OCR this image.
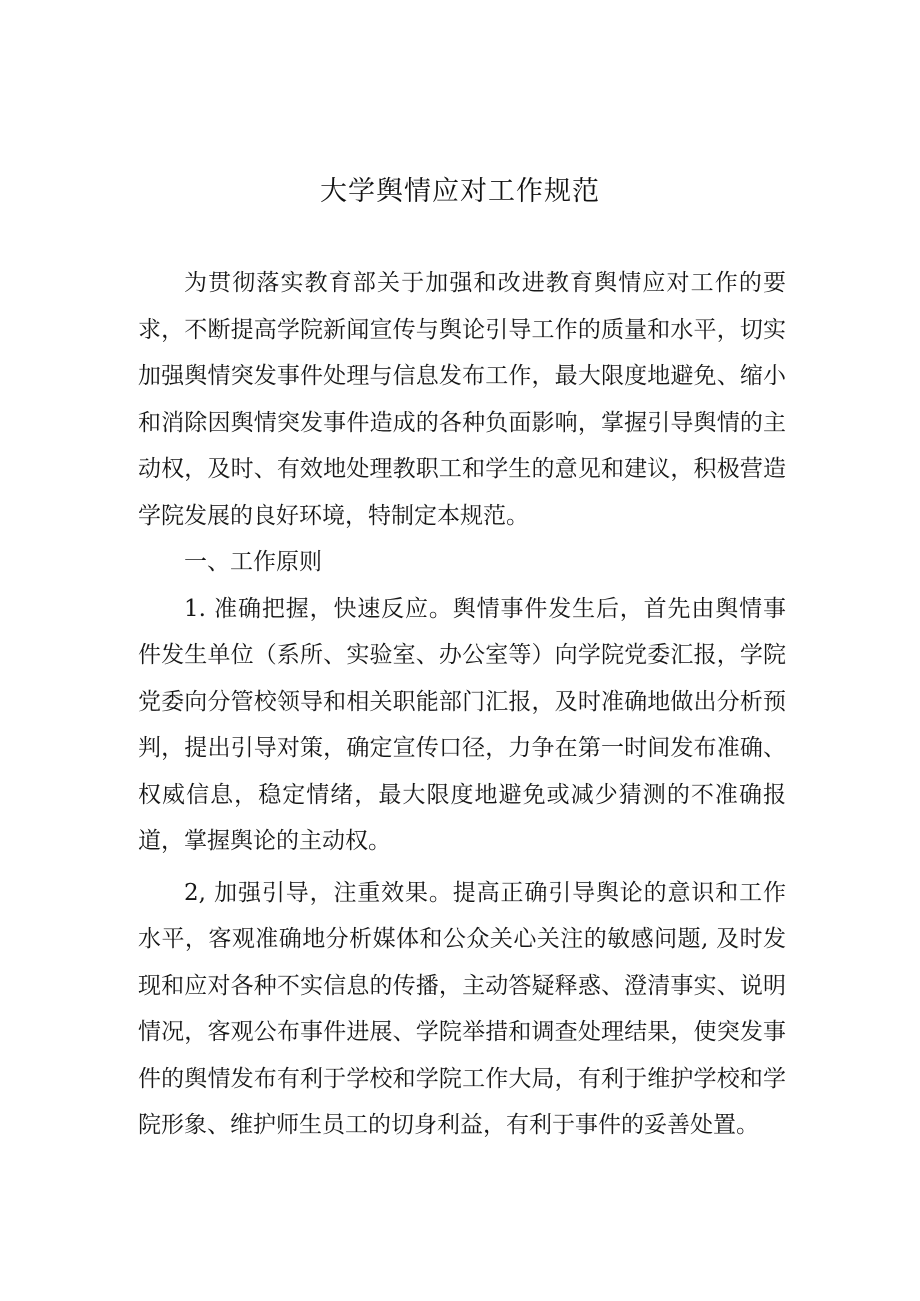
大学舆情应对工作规范

为贯彻落实教育部关于加强和改进教育舆情应对工作的要求，不断提高学院新闻宣传与舆论引导工作的质量和水平，切实加强舆情突发事件处理与信息发布工作，最大限度地避免、缩小和消除因舆情突发事件造成的各种负面影响，掌握引导舆情的主动权，及时、有效地处理教职工和学生的意见和建议，积极营造学院发展的良好环境，特制定本规范。

一、工作原则

1. 准确把握，快速反应。舆情事件发生后，首先由舆情事件发生单位（系所、实验室、办公室等）向学院党委汇报，学院党委向分管校领导和相关职能部门汇报，及时准确地做出分析预判，提出引导对策，确定宣传口径，力争在第一时间发布准确、权威信息，稳定情绪，最大限度地避免或减少猜测的不准确报道，掌握舆论的主动权。

2, 加强引导，注重效果。提高正确引导舆论的意识和工作水平，客观准确地分析媒体和公众关心关注的敏感问题, 及时发现和应对各种不实信息的传播，主动答疑释惑、澄清事实、说明情况，客观公布事件进展、学院举措和调查处理结果，使突发事件的舆情发布有利于学校和学院工作大局，有利于维护学校和学院形象、维护师生员工的切身利益，有利于事件的妥善处置。
